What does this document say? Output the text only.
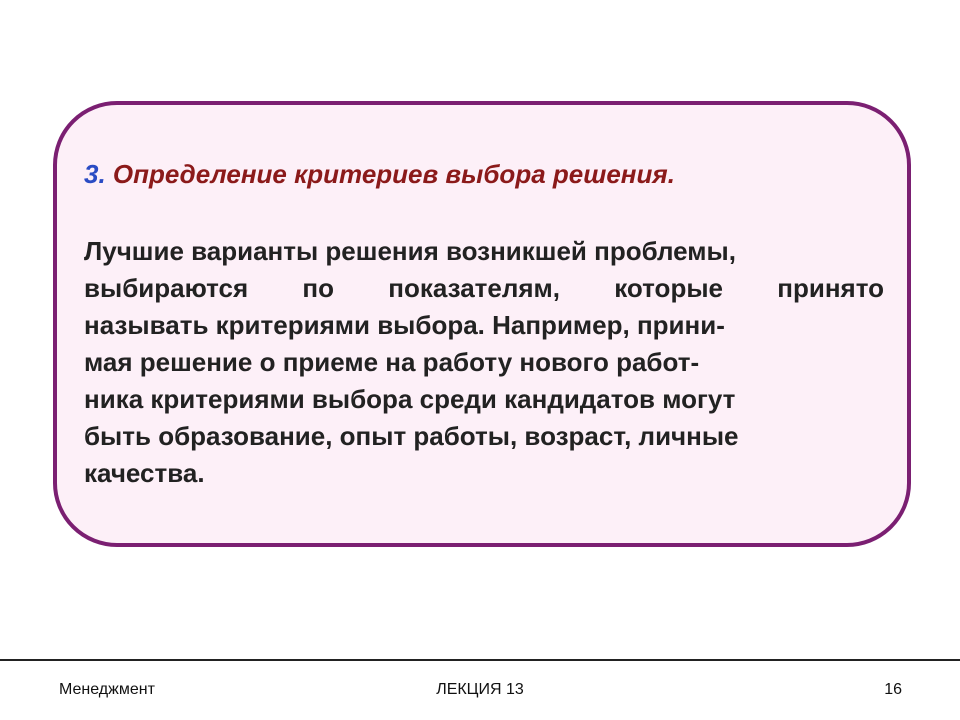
3. Определение критериев выбора решения.

Лучшие варианты решения возникшей проблемы,
выбираются по показателям, которые принято
называть критериями выбора. Например, прини-
мая решение о приеме на работу нового работ-
ника критериями выбора среди кандидатов могут
быть образование, опыт работы, возраст, личные
качества.

Менеджмент	ЛЕКЦИЯ 13	16
